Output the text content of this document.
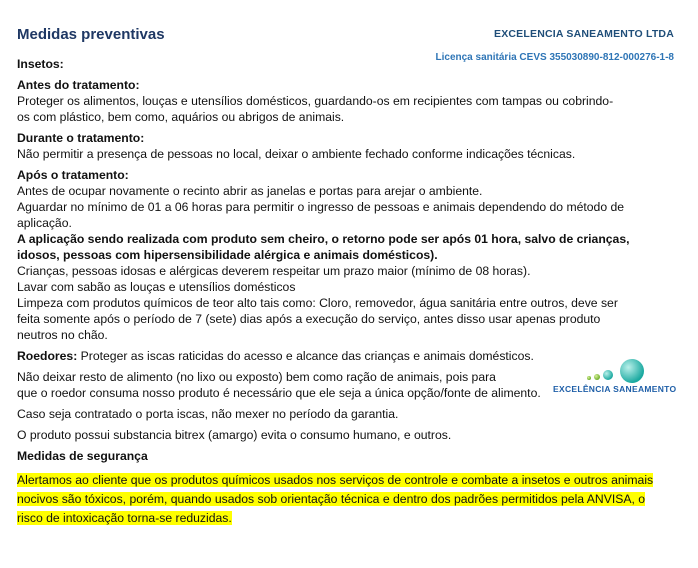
Medidas preventivas	EXCELENCIA SANEAMENTO LTDA
Licença sanitária CEVS 355030890-812-000276-1-8

Insetos:

Antes do tratamento:

Proteger os alimentos, louças e utensílios domésticos, guardando-os em recipientes com tampas ou cobrindo-

os com plástico, bem como, aquários ou abrigos de animais.

Durante o tratamento:

Não permitir a presença de pessoas no local, deixar o ambiente fechado conforme indicações técnicas.

Após o tratamento:

Antes de ocupar novamente o recinto abrir as janelas e portas para arejar o ambiente.

Aguardar no mínimo de 01 a 06 horas para permitir o ingresso de pessoas e animais dependendo do método de

aplicação.

A aplicação sendo realizada com produto sem cheiro, o retorno pode ser após 01 hora, salvo de crianças,

idosos, pessoas com hipersensibilidade alérgica e animais domésticos).

Crianças, pessoas idosas e alérgicas deverem respeitar um prazo maior (mínimo de 08 horas).

Lavar com sabão as louças e utensílios domésticos

Limpeza com produtos químicos de teor alto tais como: Cloro, removedor, água sanitária entre outros, deve ser

feita somente após o período de 7 (sete) dias após a execução do serviço, antes disso usar apenas produto

neutros no chão.

Roedores: Proteger as iscas raticidas do acesso e alcance das crianças e animais domésticos.

Não deixar resto de alimento (no lixo ou exposto) bem como ração de animais, pois para

que o roedor consuma nosso produto é necessário que ele seja a única opção/fonte de alimento.

Caso seja contratado o porta iscas, não mexer no período da garantia.

O produto possui substancia bitrex (amargo) evita o consumo humano, e outros.

Medidas de segurança

Alertamos ao cliente que os produtos químicos usados nos serviços de controle e combate a insetos e outros animais

nocivos são tóxicos, porém, quando usados sob orientação técnica e dentro dos padrões permitidos pela ANVISA, o

risco de intoxicação torna-se reduzidas.

EXCELÊNCIA SANEAMENTO
